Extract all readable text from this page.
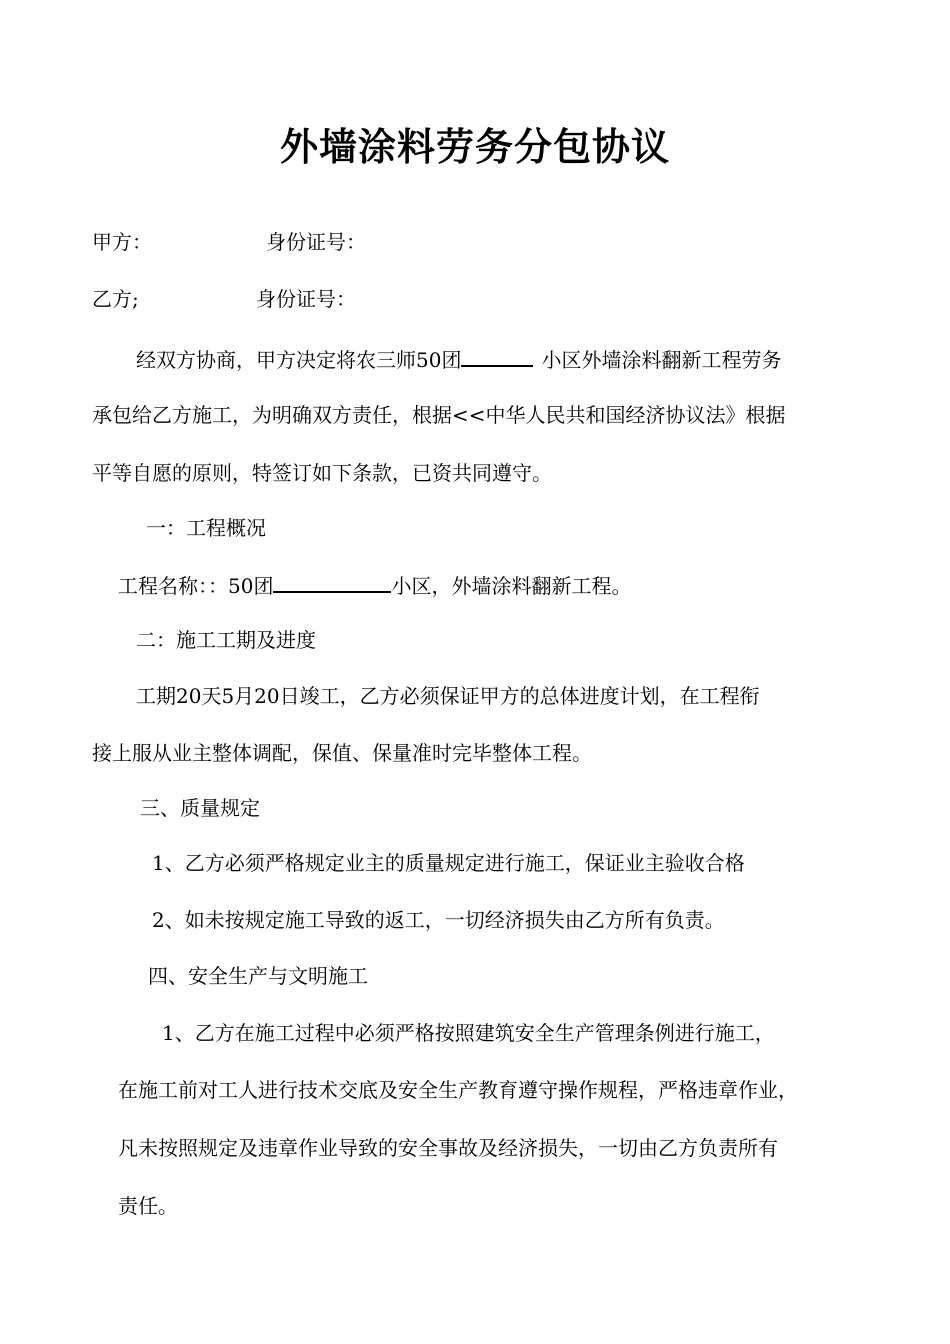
外墙涂料劳务分包协议
甲方：	身份证号：
乙方;	身份证号：
经双方协商，甲方决定将农三师50团	小区外墙涂料翻新工程劳务
承包给乙方施工，为明确双方责任，根据<<中华人民共和国经济协议法》根据
平等自愿的原则，特签订如下条款，已资共同遵守。
一：工程概况
工程名称：：50团	小区，外墙涂料翻新工程。
二：施工工期及进度
工期20天5月20日竣工，乙方必须保证甲方的总体进度计划，在工程衔
接上服从业主整体调配，保值、保量准时完毕整体工程。
三、质量规定
1、乙方必须严格规定业主的质量规定进行施工，保证业主验收合格
2、如未按规定施工导致的返工，一切经济损失由乙方所有负责。
四、安全生产与文明施工
1、乙方在施工过程中必须严格按照建筑安全生产管理条例进行施工，
在施工前对工人进行技术交底及安全生产教育遵守操作规程，严格违章作业，
凡未按照规定及违章作业导致的安全事故及经济损失，一切由乙方负责所有
责任。
